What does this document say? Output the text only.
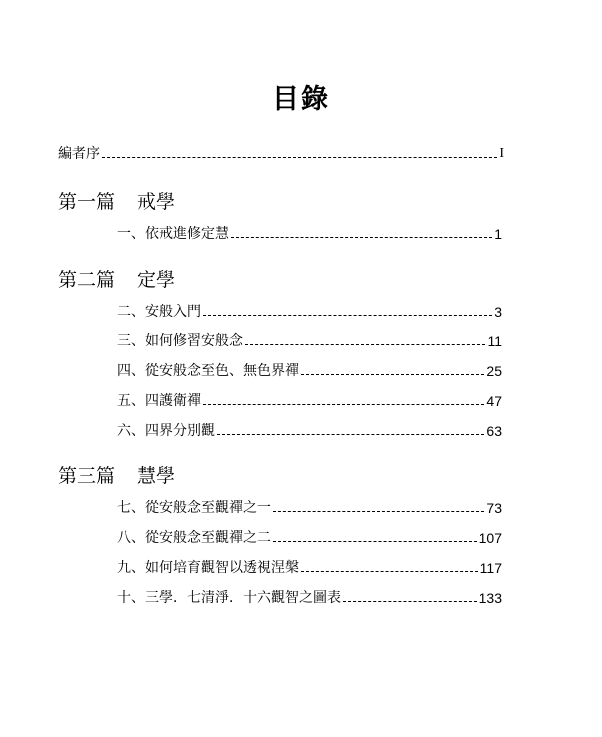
目錄
編者序	I
第一篇 戒學
一、依戒進修定慧	1
第二篇 定學
二、安般入門	3
三、如何修習安般念	11
四、從安般念至色、無色界禪	25
五、四護衛禪	47
六、四界分別觀	63
第三篇 慧學
七、從安般念至觀禪之一	73
八、從安般念至觀禪之二	107
九、如何培育觀智以透視涅槃	117
十、三學．七清淨．十六觀智之圖表	133
